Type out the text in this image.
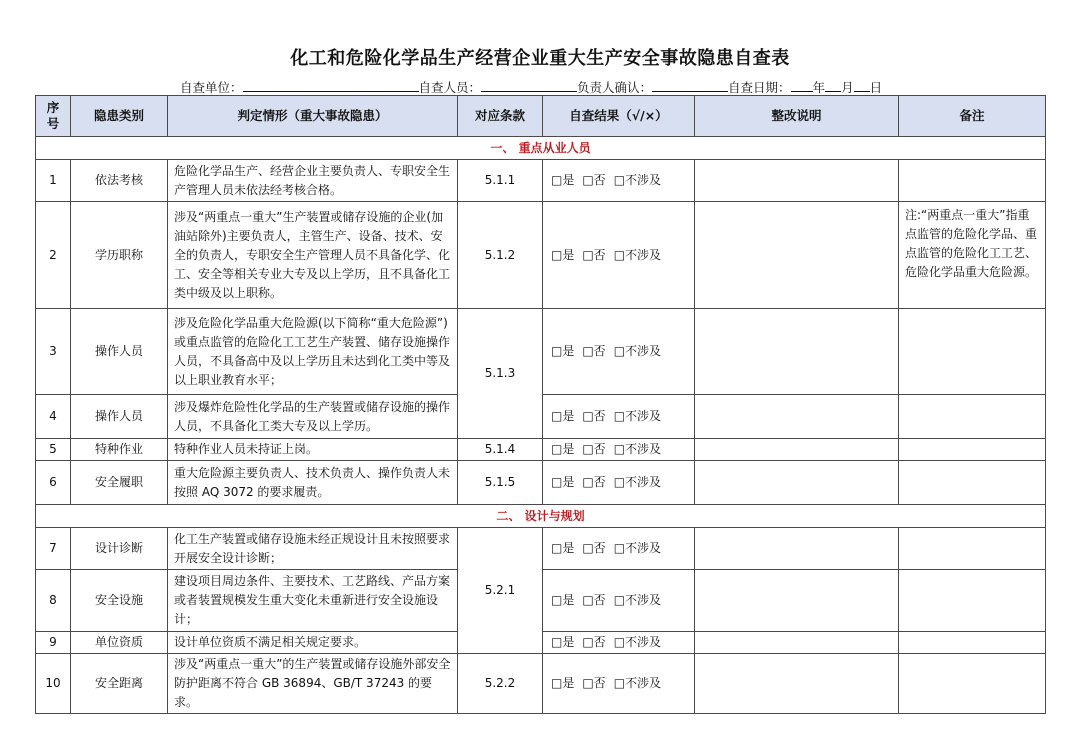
化工和危险化学品生产经营企业重大生产安全事故隐患自查表
自查单位：	自查人员：	负责人确认：	自查日期： 年 月 日
序号	隐患类别	判定情形（重大事故隐患）	对应条款	自查结果（√/×）	整改说明	备注
一、 重点从业人员						
1	依法考核	危险化学品生产、经营企业主要负责人、专职安全生产管理人员未依法经考核合格。	5.1.1	□是 □否 □不涉及		
2	学历职称	涉及“两重点一重大”生产装置或储存设施的企业(加油站除外)主要负责人，主管生产、设备、技术、安全的负责人，专职安全生产管理人员不具备化学、化工、安全等相关专业大专及以上学历，且不具备化工类中级及以上职称。	5.1.2	□是 □否 □不涉及		注:“两重点一重大”指重点监管的危险化学品、重点监管的危险化工工艺、危险化学品重大危险源。
3	操作人员	涉及危险化学品重大危险源(以下简称“重大危险源”)或重点监管的危险化工工艺生产装置、储存设施操作人员，不具备高中及以上学历且未达到化工类中等及以上职业教育水平；	5.1.3	□是 □否 □不涉及		
4	操作人员	涉及爆炸危险性化学品的生产装置或储存设施的操作人员，不具备化工类大专及以上学历。		□是 □否 □不涉及		
5	特种作业	特种作业人员未持证上岗。	5.1.4	□是 □否 □不涉及		
6	安全履职	重大危险源主要负责人、技术负责人、操作负责人未按照 AQ 3072 的要求履责。	5.1.5	□是 □否 □不涉及		
二、 设计与规划						
7	设计诊断	化工生产装置或储存设施未经正规设计且未按照要求开展安全设计诊断；	5.2.1	□是 □否 □不涉及		
8	安全设施	建设项目周边条件、主要技术、工艺路线、产品方案或者装置规模发生重大变化未重新进行安全设施设计；		□是 □否 □不涉及		
9	单位资质	设计单位资质不满足相关规定要求。		□是 □否 □不涉及		
10	安全距离	涉及“两重点一重大”的生产装置或储存设施外部安全防护距离不符合 GB 36894、GB/T 37243 的要求。	5.2.2	□是 □否 □不涉及		
